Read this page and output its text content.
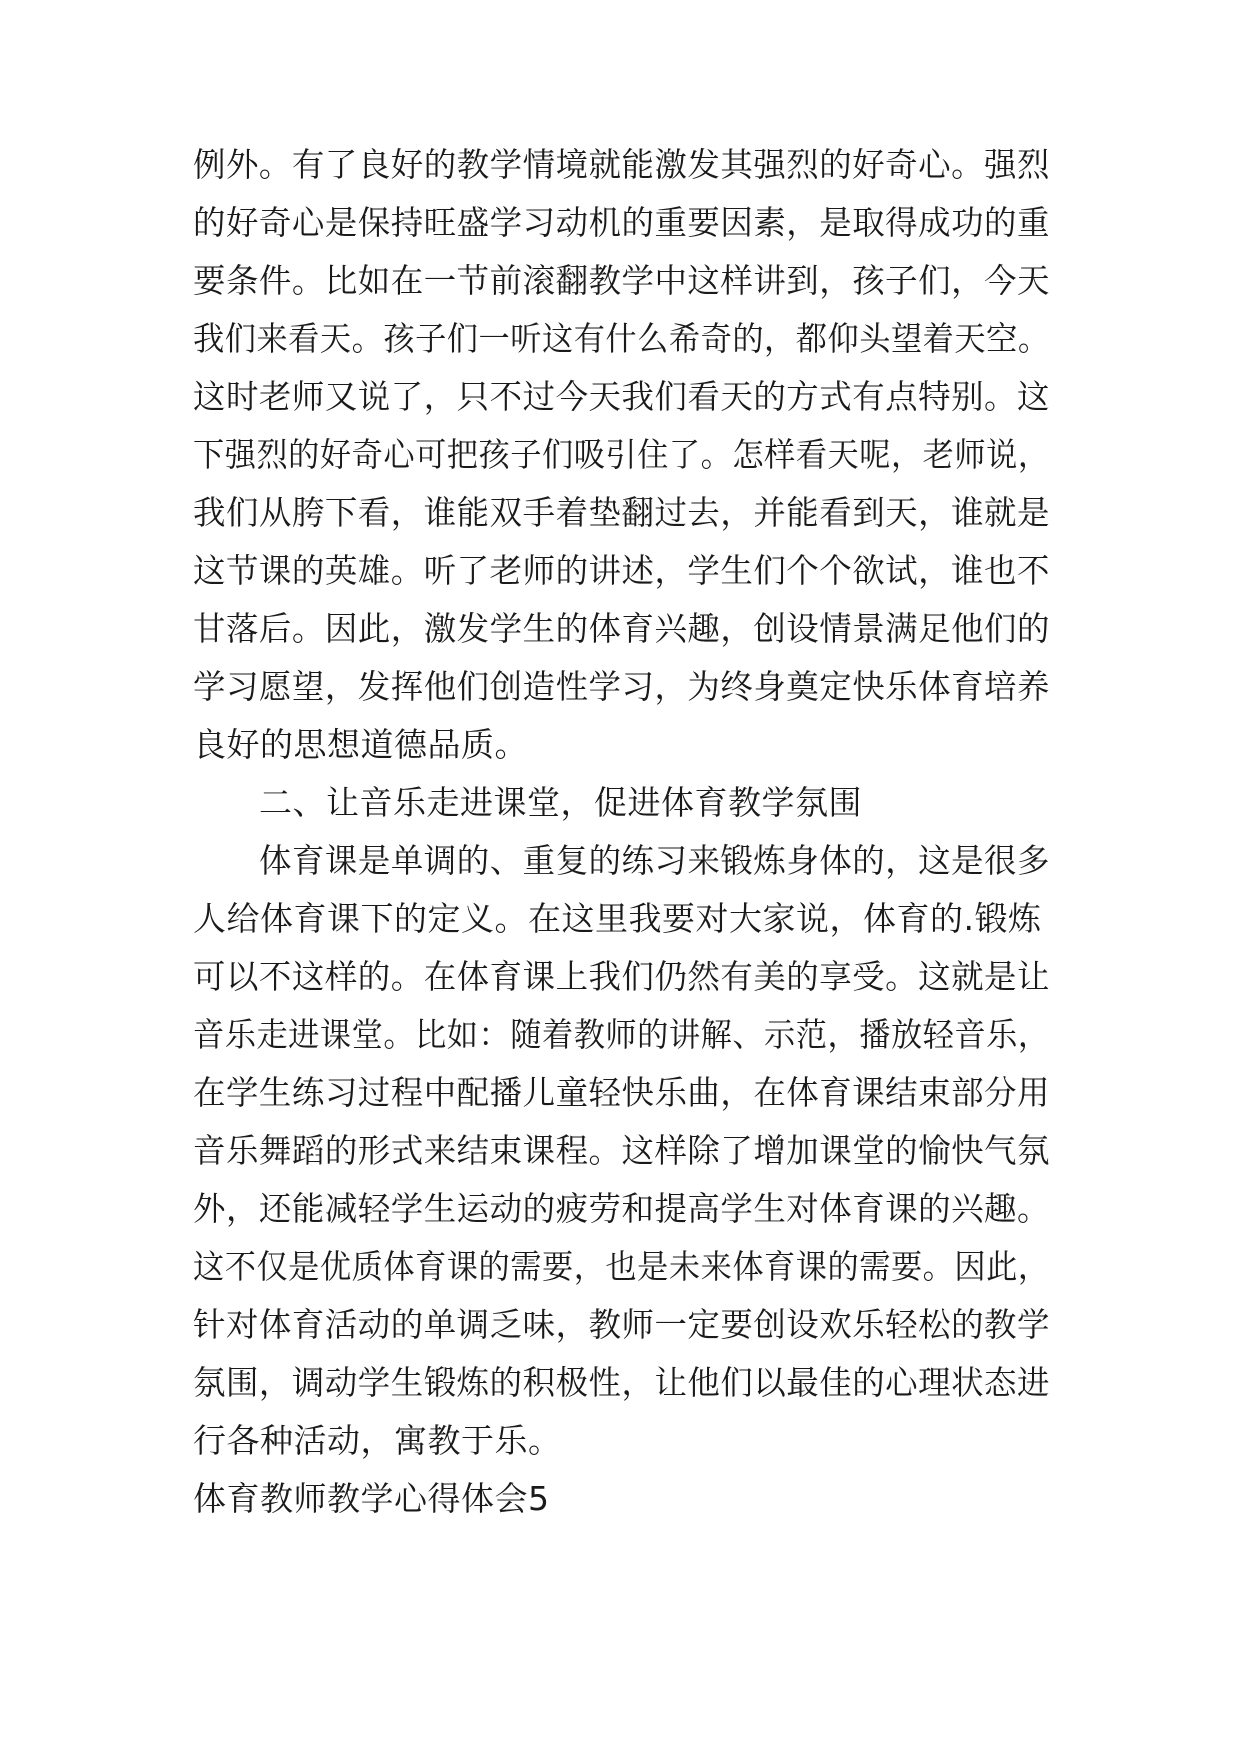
例外。有了良好的教学情境就能激发其强烈的好奇心。强烈
的好奇心是保持旺盛学习动机的重要因素，是取得成功的重
要条件。比如在一节前滚翻教学中这样讲到，孩子们，今天
我们来看天。孩子们一听这有什么希奇的，都仰头望着天空。
这时老师又说了，只不过今天我们看天的方式有点特别。这
下强烈的好奇心可把孩子们吸引住了。怎样看天呢，老师说，
我们从胯下看，谁能双手着垫翻过去，并能看到天，谁就是
这节课的英雄。听了老师的讲述，学生们个个欲试，谁也不
甘落后。因此，激发学生的体育兴趣，创设情景满足他们的
学习愿望，发挥他们创造性学习，为终身奠定快乐体育培养
良好的思想道德品质。
二、让音乐走进课堂，促进体育教学氛围
体育课是单调的、重复的练习来锻炼身体的，这是很多
人给体育课下的定义。在这里我要对大家说，体育的.锻炼
可以不这样的。在体育课上我们仍然有美的享受。这就是让
音乐走进课堂。比如：随着教师的讲解、示范，播放轻音乐，
在学生练习过程中配播儿童轻快乐曲，在体育课结束部分用
音乐舞蹈的形式来结束课程。这样除了增加课堂的愉快气氛
外，还能减轻学生运动的疲劳和提高学生对体育课的兴趣。
这不仅是优质体育课的需要，也是未来体育课的需要。因此，
针对体育活动的单调乏味，教师一定要创设欢乐轻松的教学
氛围，调动学生锻炼的积极性，让他们以最佳的心理状态进
行各种活动，寓教于乐。
体育教师教学心得体会5
